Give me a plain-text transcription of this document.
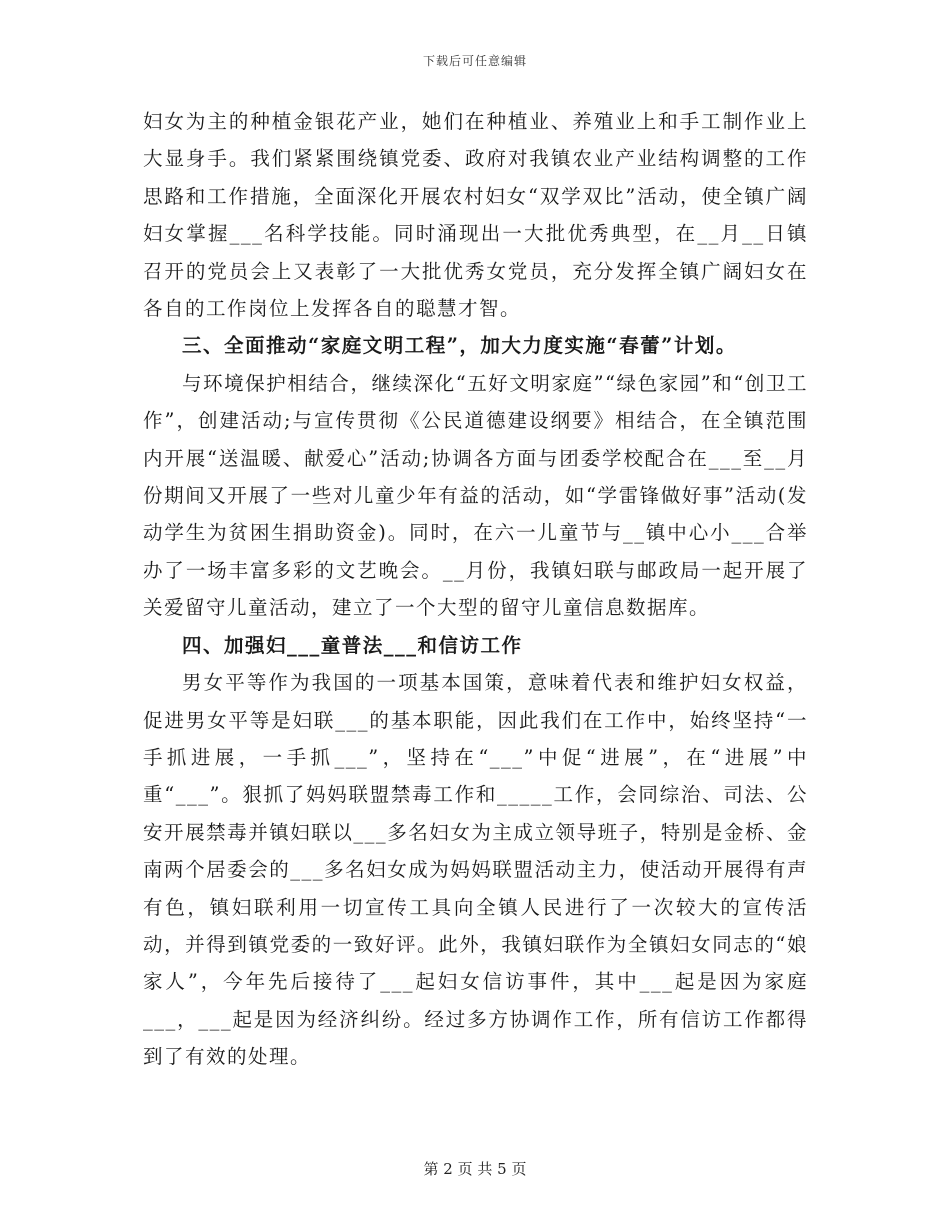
下载后可任意编辑

妇女为主的种植金银花产业，她们在种植业、养殖业上和手工制作业上大显身手。我们紧紧围绕镇党委、政府对我镇农业产业结构调整的工作思路和工作措施，全面深化开展农村妇女“双学双比”活动，使全镇广阔妇女掌握___名科学技能。同时涌现出一大批优秀典型，在__月__日镇召开的党员会上又表彰了一大批优秀女党员，充分发挥全镇广阔妇女在各自的工作岗位上发挥各自的聪慧才智。

三、全面推动“家庭文明工程”，加大力度实施“春蕾”计划。

与环境保护相结合，继续深化“五好文明家庭”“绿色家园”和“创卫工作”，创建活动;与宣传贯彻《公民道德建设纲要》相结合，在全镇范围内开展“送温暖、献爱心”活动;协调各方面与团委学校配合在___至__月份期间又开展了一些对儿童少年有益的活动，如“学雷锋做好事”活动(发动学生为贫困生捐助资金)。同时，在六一儿童节与__镇中心小___合举办了一场丰富多彩的文艺晚会。__月份，我镇妇联与邮政局一起开展了关爱留守儿童活动，建立了一个大型的留守儿童信息数据库。

四、加强妇___童普法___和信访工作

男女平等作为我国的一项基本国策，意味着代表和维护妇女权益，促进男女平等是妇联___的基本职能，因此我们在工作中，始终坚持“一手抓进展，一手抓___”，坚持在“___”中促“进展”，在“进展”中重“___”。狠抓了妈妈联盟禁毒工作和_____工作，会同综治、司法、公安开展禁毒并镇妇联以___多名妇女为主成立领导班子，特别是金桥、金南两个居委会的___多名妇女成为妈妈联盟活动主力，使活动开展得有声有色，镇妇联利用一切宣传工具向全镇人民进行了一次较大的宣传活动，并得到镇党委的一致好评。此外，我镇妇联作为全镇妇女同志的“娘家人”，今年先后接待了___起妇女信访事件，其中___起是因为家庭___，___起是因为经济纠纷。经过多方协调作工作，所有信访工作都得到了有效的处理。

第 2 页 共 5 页
